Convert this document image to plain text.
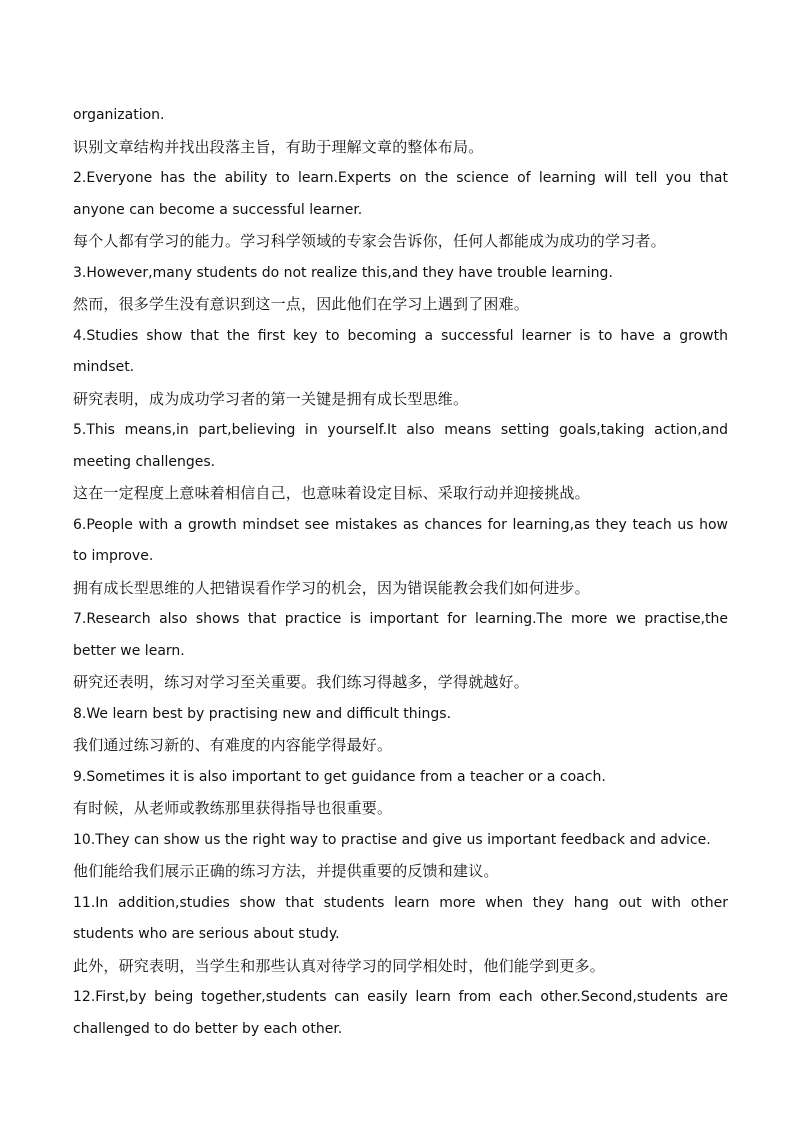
organization.

识别文章结构并找出段落主旨，有助于理解文章的整体布局。

2.Everyone has the ability to learn.Experts on the science of learning will tell you that anyone can become a successful learner.

每个人都有学习的能力。学习科学领域的专家会告诉你，任何人都能成为成功的学习者。

3.However,many students do not realize this,and they have trouble learning.

然而，很多学生没有意识到这一点，因此他们在学习上遇到了困难。

4.Studies show that the first key to becoming a successful learner is to have a growth mindset.

研究表明，成为成功学习者的第一关键是拥有成长型思维。

5.This means,in part,believing in yourself.It also means setting goals,taking action,and meeting challenges.

这在一定程度上意味着相信自己，也意味着设定目标、采取行动并迎接挑战。

6.People with a growth mindset see mistakes as chances for learning,as they teach us how to improve.

拥有成长型思维的人把错误看作学习的机会，因为错误能教会我们如何进步。

7.Research also shows that practice is important for learning.The more we practise,the better we learn.

研究还表明，练习对学习至关重要。我们练习得越多，学得就越好。

8.We learn best by practising new and difficult things.

我们通过练习新的、有难度的内容能学得最好。

9.Sometimes it is also important to get guidance from a teacher or a coach.

有时候，从老师或教练那里获得指导也很重要。

10.They can show us the right way to practise and give us important feedback and advice.

他们能给我们展示正确的练习方法，并提供重要的反馈和建议。

11.In addition,studies show that students learn more when they hang out with other students who are serious about study.

此外，研究表明，当学生和那些认真对待学习的同学相处时，他们能学到更多。

12.First,by being together,students can easily learn from each other.Second,students are challenged to do better by each other.
